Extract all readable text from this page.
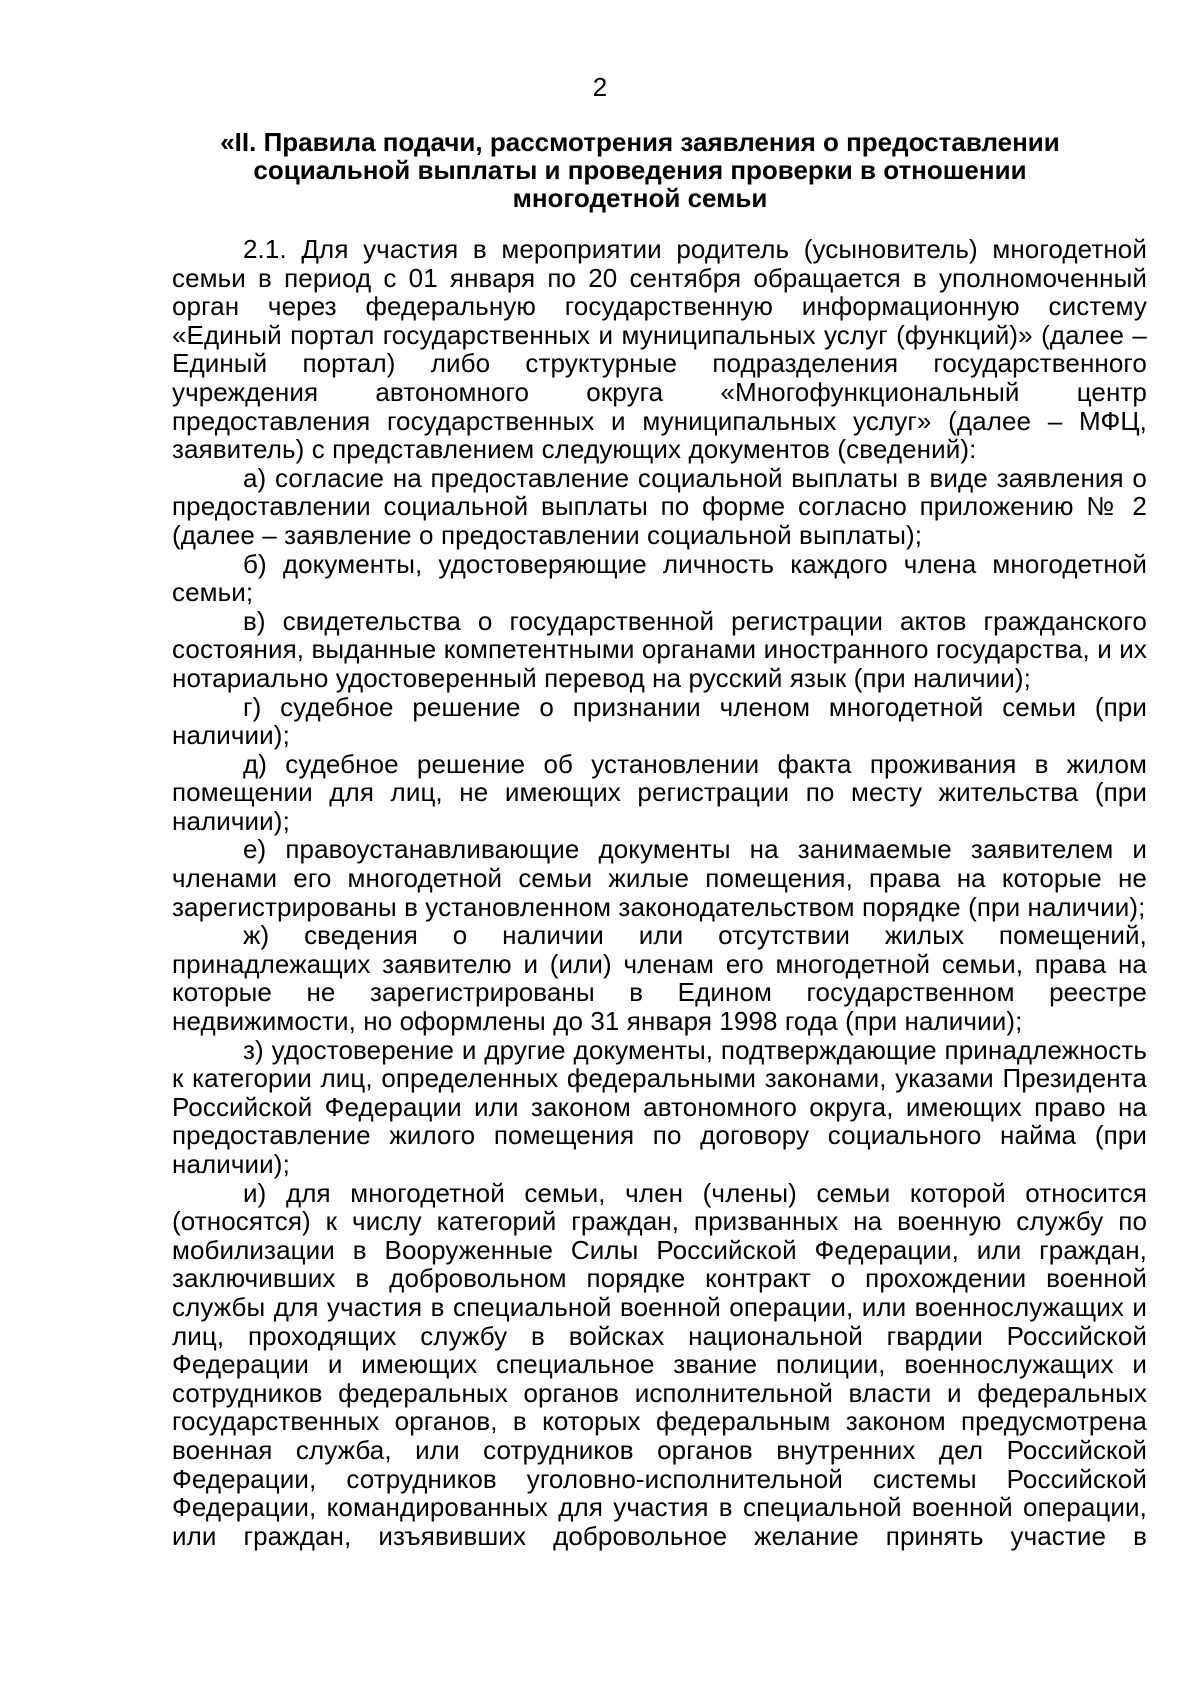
2
«II. Правила подачи, рассмотрения заявления о предоставлении социальной выплаты и проведения проверки в отношении многодетной семьи

2.1. Для участия в мероприятии родитель (усыновитель) многодетной семьи в период с 01 января по 20 сентября обращается в уполномоченный орган через федеральную государственную информационную систему «Единый портал государственных и муниципальных услуг (функций)» (далее – Единый портал) либо структурные подразделения государственного учреждения автономного округа «Многофункциональный центр предоставления государственных и муниципальных услуг» (далее – МФЦ, заявитель) с представлением следующих документов (сведений):

а) согласие на предоставление социальной выплаты в виде заявления о предоставлении социальной выплаты по форме согласно приложению № 2 (далее – заявление о предоставлении социальной выплаты);

б) документы, удостоверяющие личность каждого члена многодетной семьи;

в) свидетельства о государственной регистрации актов гражданского состояния, выданные компетентными органами иностранного государства, и их нотариально удостоверенный перевод на русский язык (при наличии);

г) судебное решение о признании членом многодетной семьи (при наличии);

д) судебное решение об установлении факта проживания в жилом помещении для лиц, не имеющих регистрации по месту жительства (при наличии);

е) правоустанавливающие документы на занимаемые заявителем и членами его многодетной семьи жилые помещения, права на которые не зарегистрированы в установленном законодательством порядке (при наличии);

ж) сведения о наличии или отсутствии жилых помещений, принадлежащих заявителю и (или) членам его многодетной семьи, права на которые не зарегистрированы в Едином государственном реестре недвижимости, но оформлены до 31 января 1998 года (при наличии);

з) удостоверение и другие документы, подтверждающие принадлежность к категории лиц, определенных федеральными законами, указами Президента Российской Федерации или законом автономного округа, имеющих право на предоставление жилого помещения по договору социального найма (при наличии);

и) для многодетной семьи, член (члены) семьи которой относится (относятся) к числу категорий граждан, призванных на военную службу по мобилизации в Вооруженные Силы Российской Федерации, или граждан, заключивших в добровольном порядке контракт о прохождении военной службы для участия в специальной военной операции, или военнослужащих и лиц, проходящих службу в войсках национальной гвардии Российской Федерации и имеющих специальное звание полиции, военнослужащих и сотрудников федеральных органов исполнительной власти и федеральных государственных органов, в которых федеральным законом предусмотрена военная служба, или сотрудников органов внутренних дел Российской Федерации, сотрудников уголовно-исполнительной системы Российской Федерации, командированных для участия в специальной военной операции, или граждан, изъявивших добровольное желание принять участие в
